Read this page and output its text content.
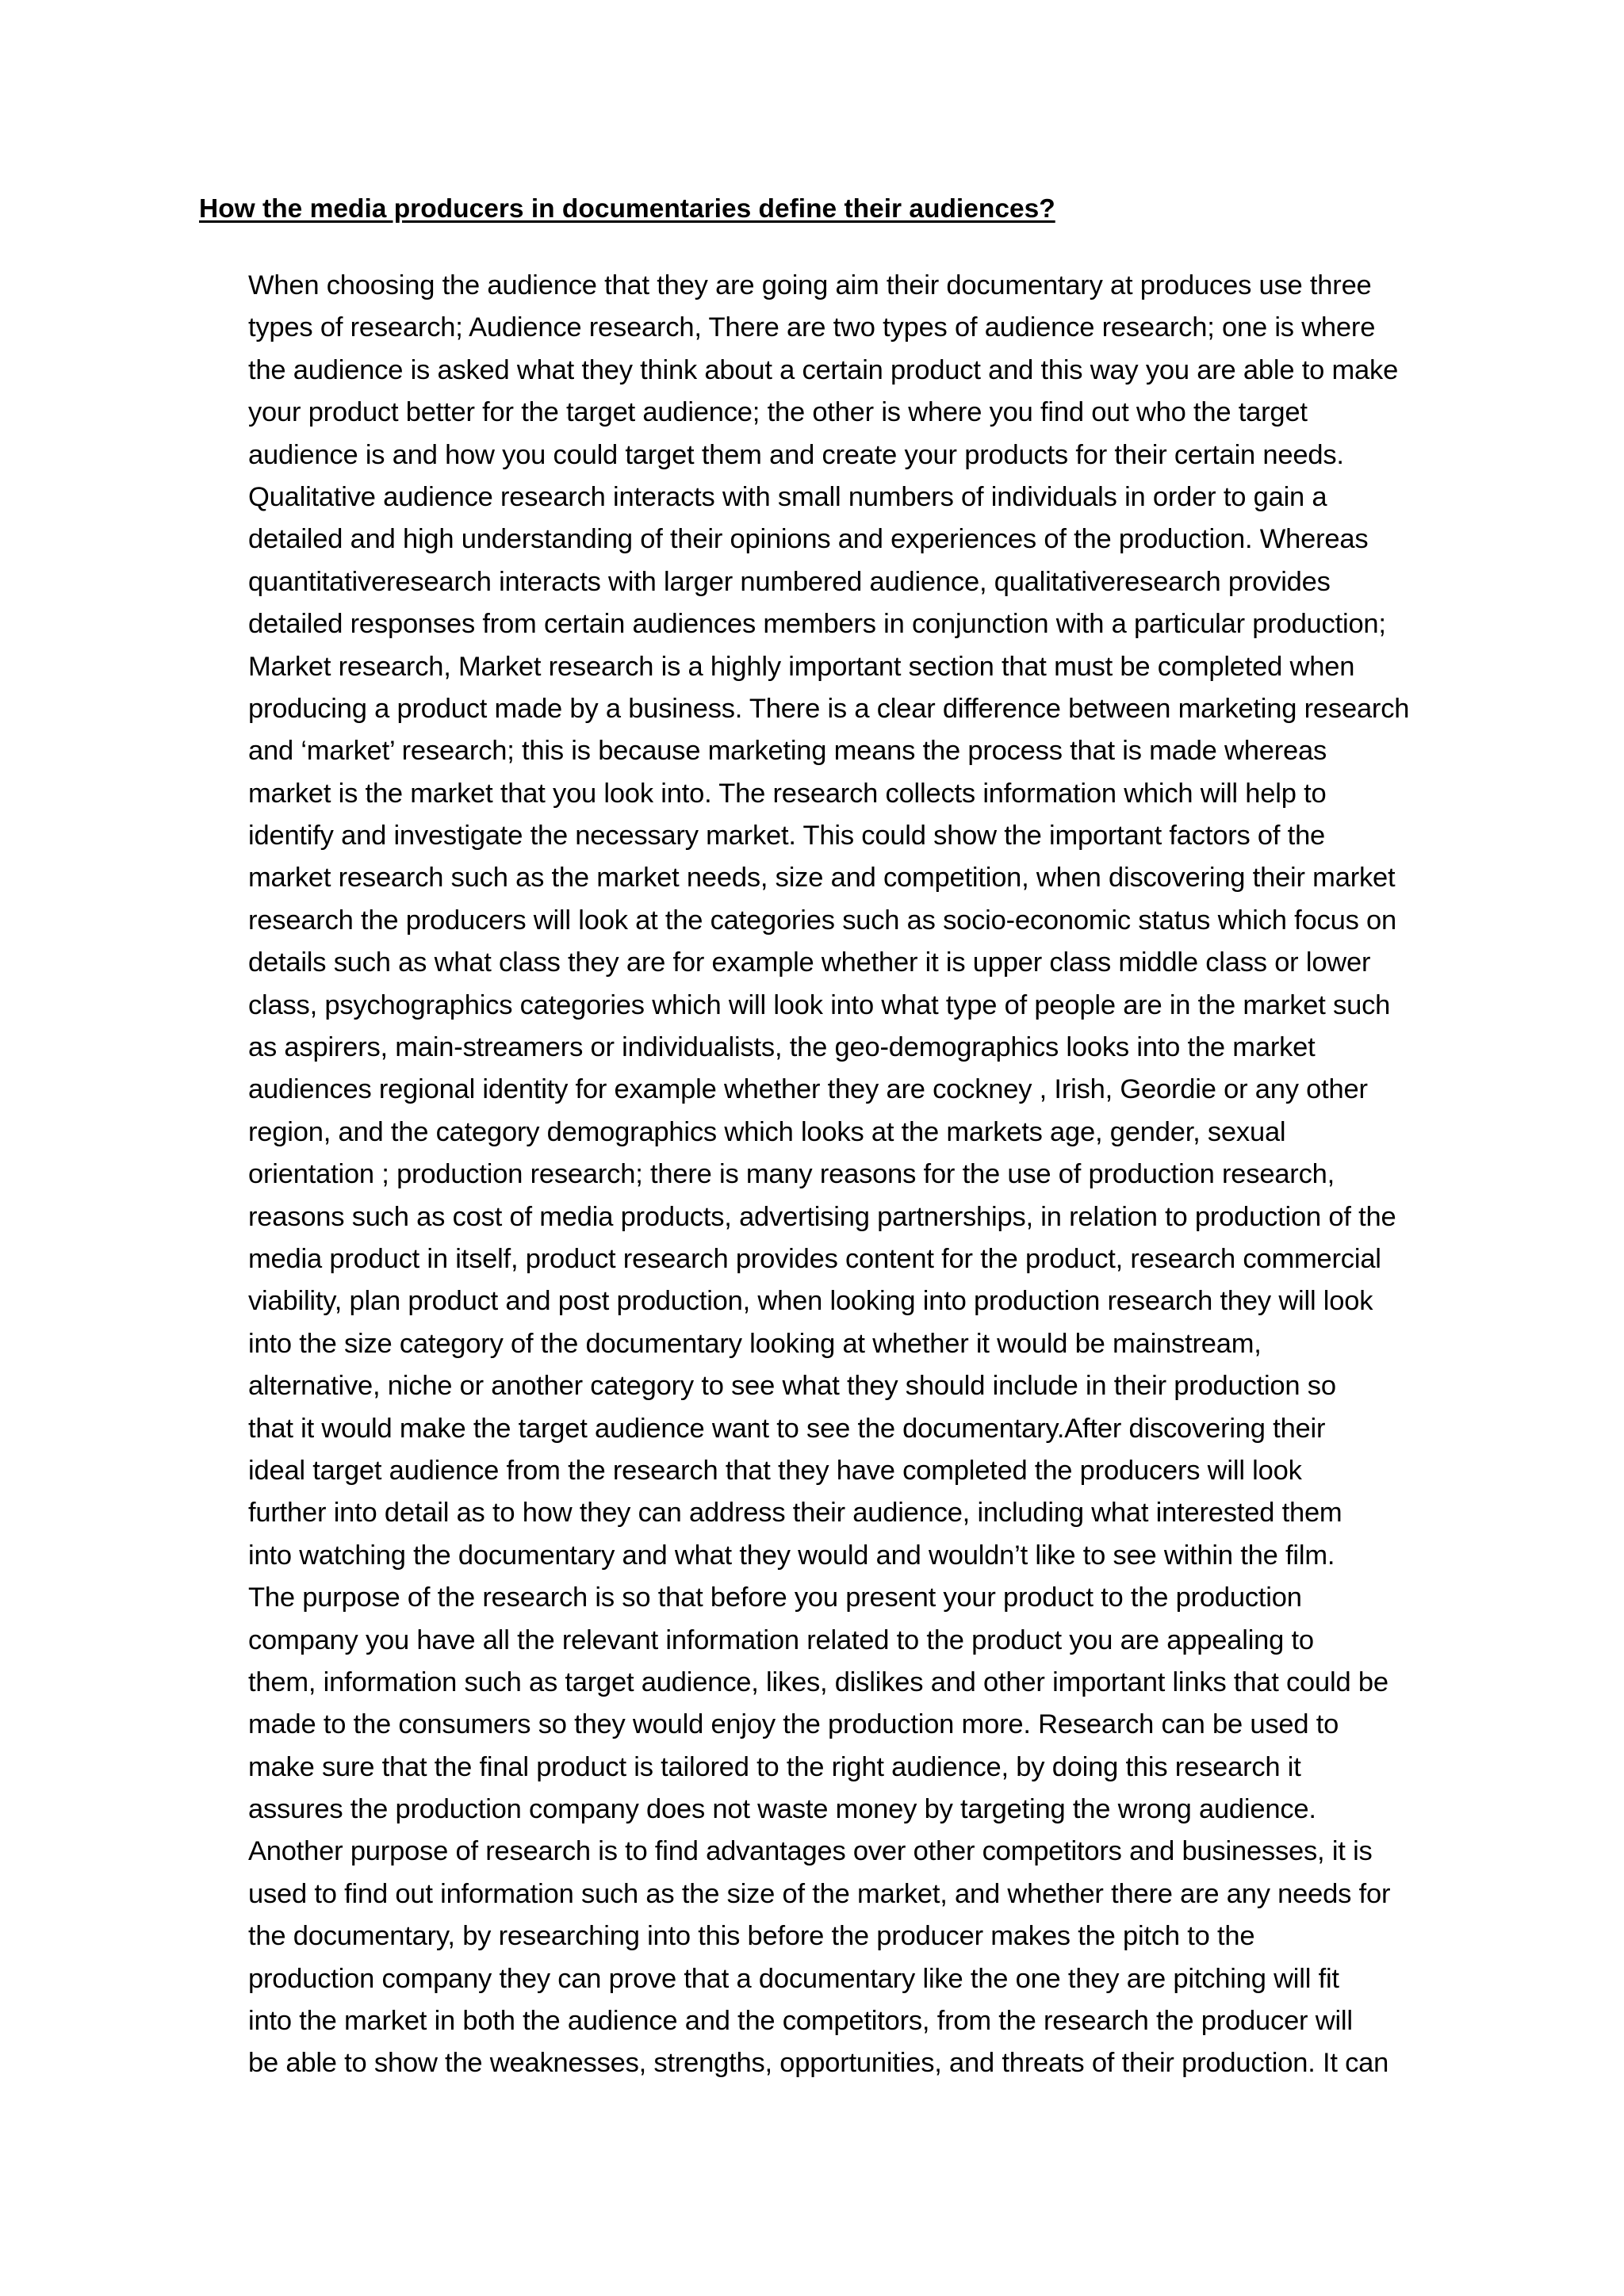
How the media producers in documentaries define their audiences?
When choosing the audience that they are going aim their documentary at produces use three
types of research; Audience research, There are two types of audience research; one is where
the audience is asked what they think about a certain product and this way you are able to make
your product better for the target audience; the other is where you find out who the target
audience is and how you could target them and create your products for their certain needs.
Qualitative audience research interacts with small numbers of individuals in order to gain a
detailed and high understanding of their opinions and experiences of the production. Whereas
quantitativeresearch interacts with larger numbered audience, qualitativeresearch provides
detailed responses from certain audiences members in conjunction with a particular production;
Market research, Market research is a highly important section that must be completed when
producing a product made by a business. There is a clear difference between marketing research
and ‘market’ research; this is because marketing means the process that is made whereas
market is the market that you look into. The research collects information which will help to
identify and investigate the necessary market. This could show the important factors of the
market research such as the market needs, size and competition, when discovering their market
research the producers will look at the categories such as socio-economic status which focus on
details such as what class they are for example whether it is upper class middle class or lower
class, psychographics categories which will look into what type of people are in the market such
as aspirers, main-streamers or individualists, the geo-demographics looks into the market
audiences regional identity for example whether they are cockney , Irish, Geordie or any other
region, and the category demographics which looks at the markets age, gender, sexual
orientation ; production research; there is many reasons for the use of production research,
reasons such as cost of media products, advertising partnerships, in relation to production of the
media product in itself, product research provides content for the product, research commercial
viability, plan product and post production, when looking into production research they will look
into the size category of the documentary looking at whether it would be mainstream,
alternative, niche or another category to see what they should include in their production so
that it would make the target audience want to see the documentary.After discovering their
ideal target audience from the research that they have completed the producers will look
further into detail as to how they can address their audience, including what interested them
into watching the documentary and what they would and wouldn’t like to see within the film.
The purpose of the research is so that before you present your product to the production
company you have all the relevant information related to the product you are appealing to
them, information such as target audience, likes, dislikes and other important links that could be
made to the consumers so they would enjoy the production more. Research can be used to
make sure that the final product is tailored to the right audience, by doing this research it
assures the production company does not waste money by targeting the wrong audience.
Another purpose of research is to find advantages over other competitors and businesses, it is
used to find out information such as the size of the market, and whether there are any needs for
the documentary, by researching into this before the producer makes the pitch to the
production company they can prove that a documentary like the one they are pitching will fit
into the market in both the audience and the competitors, from the research the producer will
be able to show the weaknesses, strengths, opportunities, and threats of their production. It can
